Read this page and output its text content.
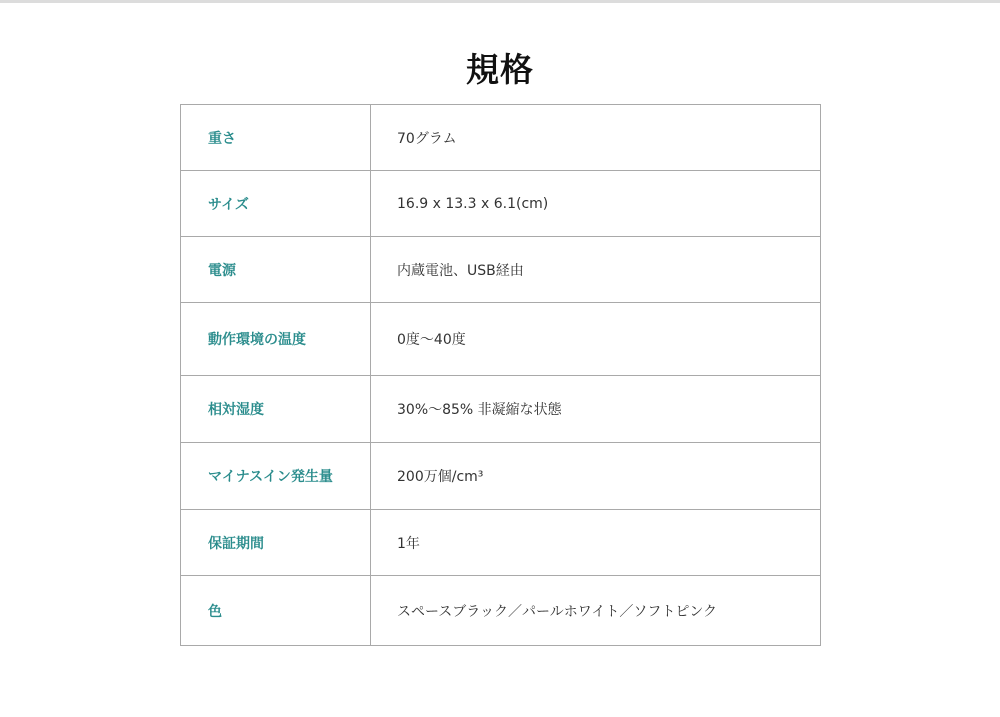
規格
重さ	70グラム
サイズ	16.9 x 13.3 x 6.1(cm)
電源	内蔵電池、USB経由
動作環境の温度	0度〜40度
相対湿度	30%〜85% 非凝縮な状態
マイナスイン発生量	200万個/cm³
保証期間	1年
色	スペースブラック／パールホワイト／ソフトピンク
